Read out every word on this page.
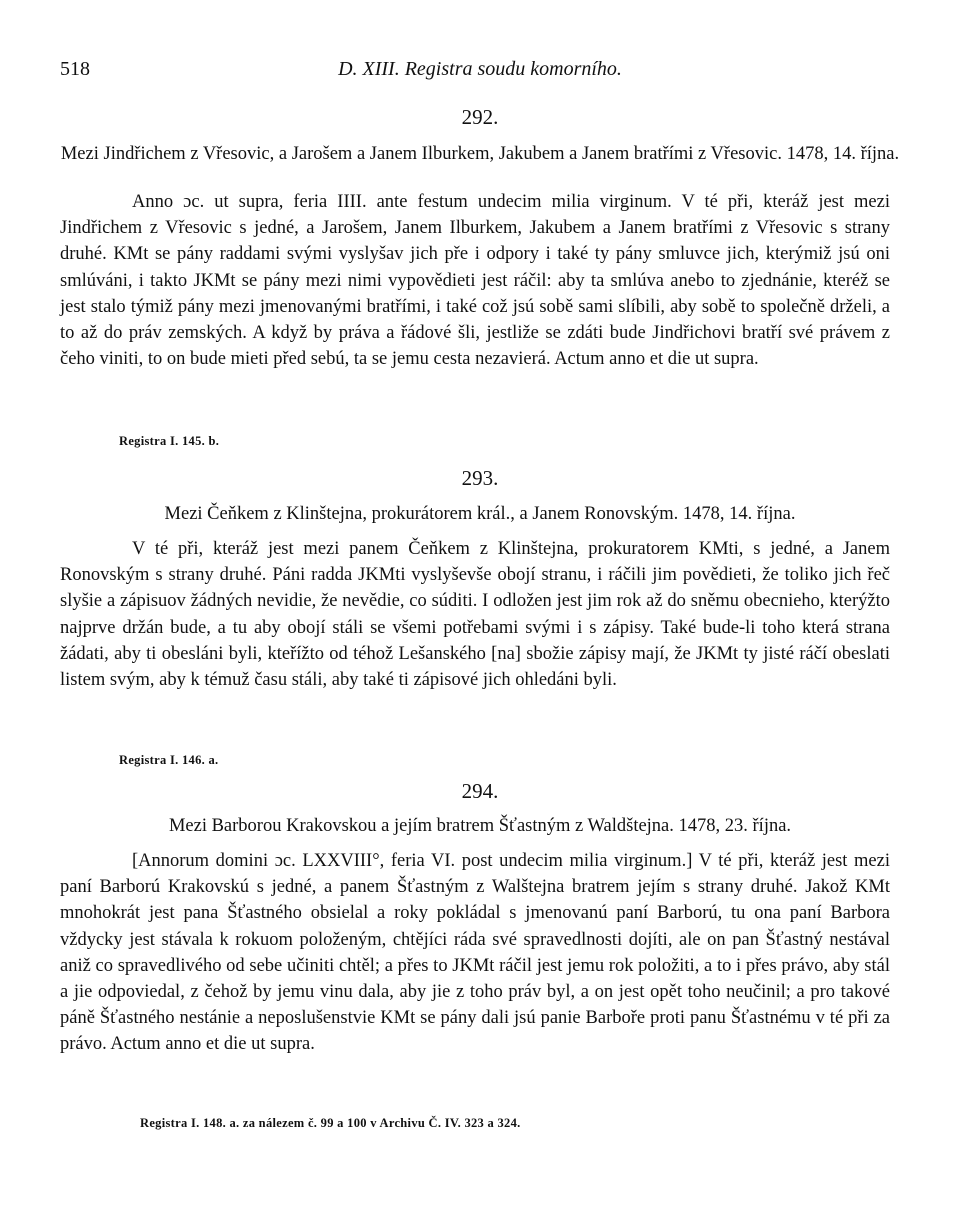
518	D. XIII. Registra soudu komorního.
292.
Mezi Jindřichem z Vřesovic, a Jarošem a Janem Ilburkem, Jakubem a Janem bratřími z Vřesovic. 1478, 14. října.

Anno ɔc. ut supra, feria IIII. ante festum undecim milia virginum. V té při, kteráž jest mezi Jindřichem z Vřesovic s jedné, a Jarošem, Janem Ilburkem, Jakubem a Janem bratřími z Vřesovic s strany druhé. KMt se pány raddami svými vyslyšav jich pře i odpory i také ty pány smluvce jich, kterýmiž jsú oni smlúváni, i takto JKMt se pány mezi nimi vypovědieti jest ráčil: aby ta smlúva anebo to zjednánie, kteréž se jest stalo týmiž pány mezi jmenovanými bratřími, i také což jsú sobě sami slíbili, aby sobě to společně drželi, a to až do práv zemských. A když by práva a řádové šli, jestliže se zdáti bude Jindřichovi bratří své právem z čeho viniti, to on bude mieti před sebú, ta se jemu cesta nezavierá. Actum anno et die ut supra.

Registra I. 145. b.
293.
Mezi Čeňkem z Klinštejna, prokurátorem král., a Janem Ronovským. 1478, 14. října.

V té při, kteráž jest mezi panem Čeňkem z Klinštejna, prokuratorem KMti, s jedné, a Janem Ronovským s strany druhé. Páni radda JKMti vyslyševše obojí stranu, i ráčili jim povědieti, že toliko jich řeč slyšie a zápisuov žádných nevidie, že nevědie, co súditi. I odložen jest jim rok až do sněmu obecnieho, kterýžto najprve držán bude, a tu aby obojí stáli se všemi potřebami svými i s zápisy. Také bude-li toho která strana žádati, aby ti obesláni byli, kteřížto od téhož Lešanského [na] sbožie zápisy mají, že JKMt ty jisté ráčí obeslati listem svým, aby k témuž času stáli, aby také ti zápisové jich ohledáni byli.

Registra I. 146. a.
294.
Mezi Barborou Krakovskou a jejím bratrem Šťastným z Waldštejna. 1478, 23. října.

[Annorum domini ɔc. LXXVIII°, feria VI. post undecim milia virginum.] V té při, kteráž jest mezi paní Barború Krakovskú s jedné, a panem Šťastným z Walštejna bratrem jejím s strany druhé. Jakož KMt mnohokrát jest pana Šťastného obsielal a roky pokládal s jmenovanú paní Barború, tu ona paní Barbora vždycky jest stávala k rokuom položeným, chtějíci ráda své spravedlnosti dojíti, ale on pan Šťastný nestával aniž co spravedlivého od sebe učiniti chtěl; a přes to JKMt ráčil jest jemu rok položiti, a to i přes právo, aby stál a jie odpoviedal, z čehož by jemu vinu dala, aby jie z toho práv byl, a on jest opět toho neučinil; a pro takové páně Šťastného nestánie a neposlušenstvie KMt se pány dali jsú panie Barboře proti panu Šťastnému v té při za právo. Actum anno et die ut supra.

Registra I. 148. a. za nálezem č. 99 a 100 v Archivu Č. IV. 323 a 324.
